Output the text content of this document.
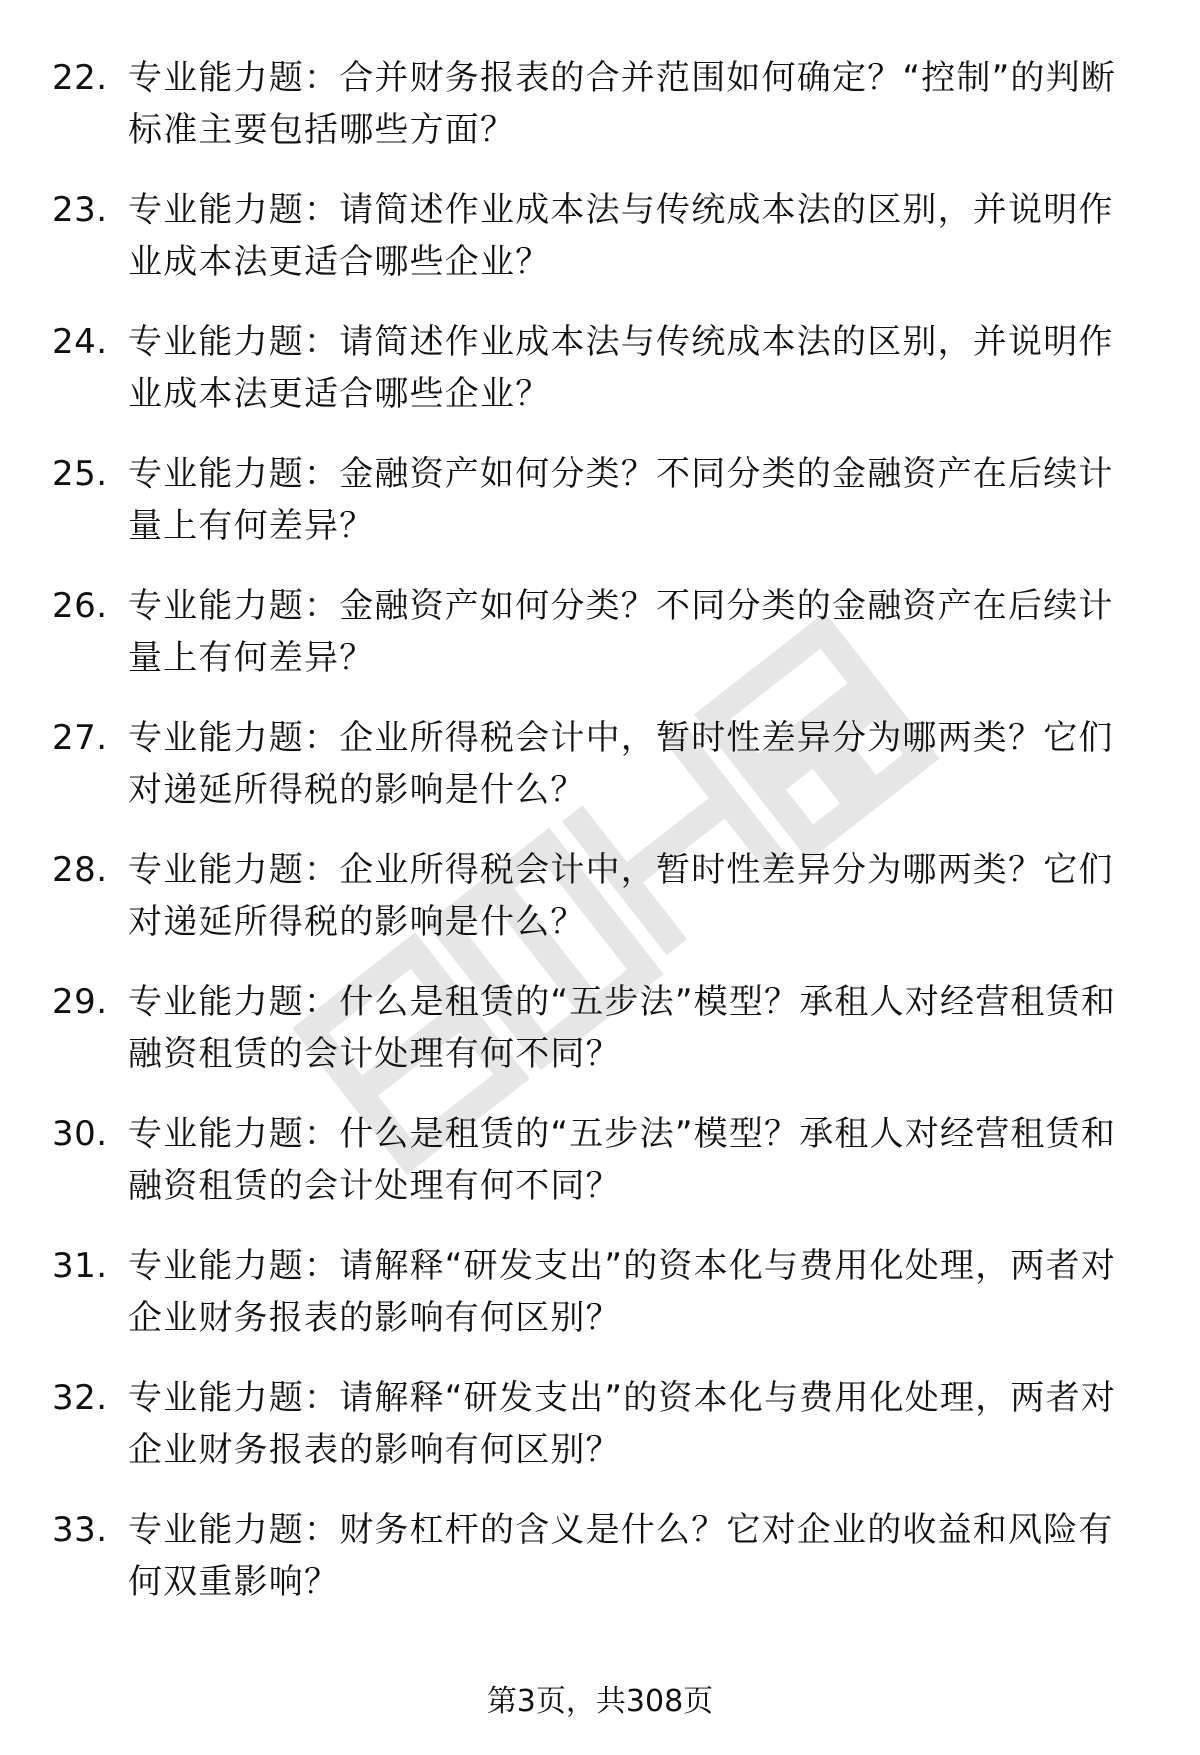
22. 专业能力题：合并财务报表的合并范围如何确定？“控制”的判断标准主要包括哪些方面？
23. 专业能力题：请简述作业成本法与传统成本法的区别，并说明作业成本法更适合哪些企业？
24. 专业能力题：请简述作业成本法与传统成本法的区别，并说明作业成本法更适合哪些企业？
25. 专业能力题：金融资产如何分类？不同分类的金融资产在后续计量上有何差异？
26. 专业能力题：金融资产如何分类？不同分类的金融资产在后续计量上有何差异？
27. 专业能力题：企业所得税会计中，暂时性差异分为哪两类？它们对递延所得税的影响是什么？
28. 专业能力题：企业所得税会计中，暂时性差异分为哪两类？它们对递延所得税的影响是什么？
29. 专业能力题：什么是租赁的“五步法”模型？承租人对经营租赁和融资租赁的会计处理有何不同？
30. 专业能力题：什么是租赁的“五步法”模型？承租人对经营租赁和融资租赁的会计处理有何不同？
31. 专业能力题：请解释“研发支出”的资本化与费用化处理，两者对企业财务报表的影响有何区别？
32. 专业能力题：请解释“研发支出”的资本化与费用化处理，两者对企业财务报表的影响有何区别？
33. 专业能力题：财务杠杆的含义是什么？它对企业的收益和风险有何双重影响？
第3页，共308页
